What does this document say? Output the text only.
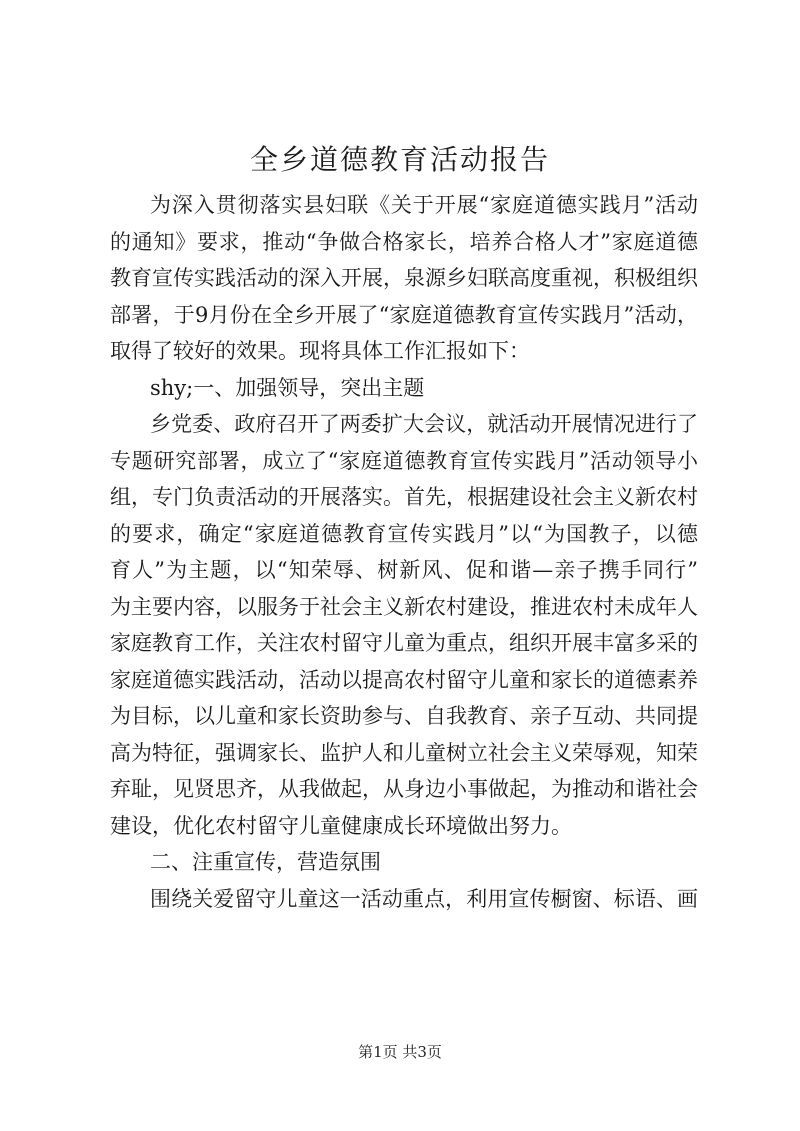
全乡道德教育活动报告
为深入贯彻落实县妇联《关于开展“家庭道德实践月”活动
的通知》要求，推动“争做合格家长，培养合格人才”家庭道德
教育宣传实践活动的深入开展，泉源乡妇联高度重视，积极组织
部署，于9月份在全乡开展了“家庭道德教育宣传实践月”活动，
取得了较好的效果。现将具体工作汇报如下：
shy;一、加强领导，突出主题
乡党委、政府召开了两委扩大会议，就活动开展情况进行了
专题研究部署，成立了“家庭道德教育宣传实践月”活动领导小
组，专门负责活动的开展落实。首先，根据建设社会主义新农村
的要求，确定“家庭道德教育宣传实践月”以“为国教子，以德
育人”为主题，以“知荣辱、树新风、促和谐—亲子携手同行”
为主要内容，以服务于社会主义新农村建设，推进农村未成年人
家庭教育工作，关注农村留守儿童为重点，组织开展丰富多采的
家庭道德实践活动，活动以提高农村留守儿童和家长的道德素养
为目标，以儿童和家长资助参与、自我教育、亲子互动、共同提
高为特征，强调家长、监护人和儿童树立社会主义荣辱观，知荣
弃耻，见贤思齐，从我做起，从身边小事做起，为推动和谐社会
建设，优化农村留守儿童健康成长环境做出努力。
二、注重宣传，营造氛围
围绕关爱留守儿童这一活动重点，利用宣传橱窗、标语、画
第1页 共3页
